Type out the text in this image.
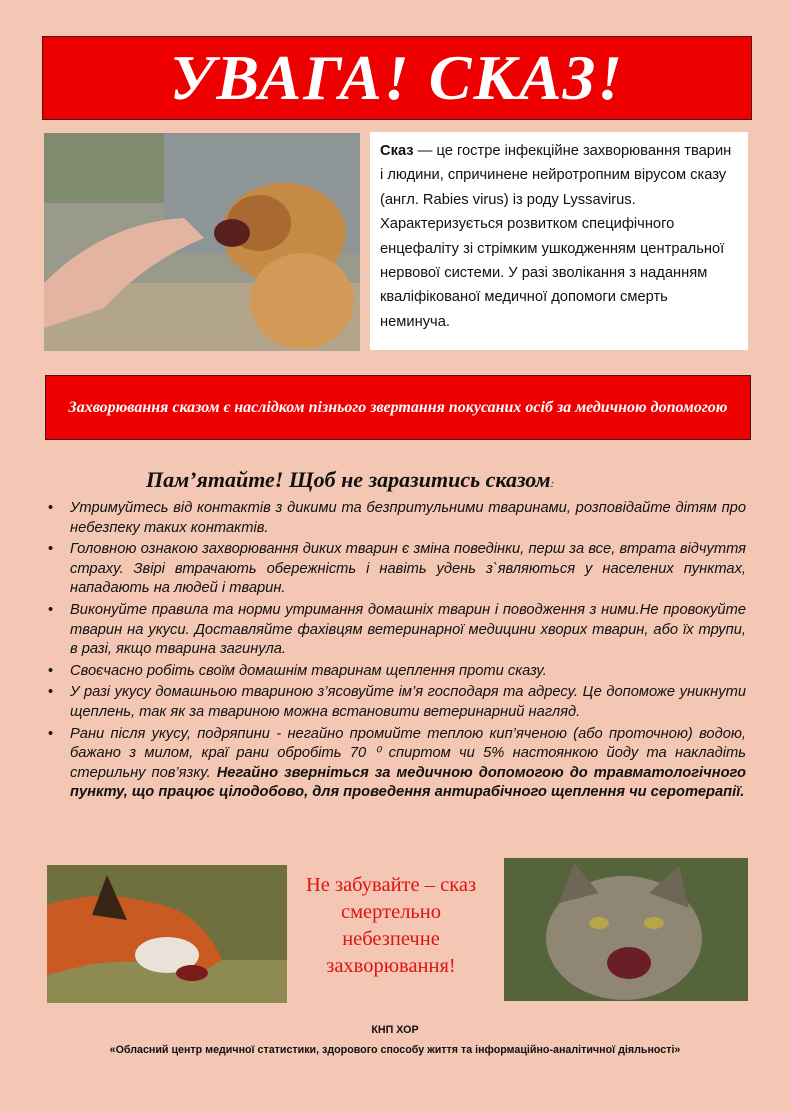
УВАГА! СКАЗ!
Сказ — це гостре інфекційне захворювання тварин і людини, спричинене нейротропним вірусом сказу (англ. Rabies virus) із роду Lyssavirus. Характеризується розвитком специфічного енцефаліту зі стрімким ушкодженням центральної нервової системи. У разі зволікання з наданням кваліфікованої медичної допомоги смерть неминуча.
Захворювання сказом є наслідком пізнього звертання покусаних осіб за медичною допомогою
Пам’ятайте! Щоб не заразитись сказом:
• Утримуйтесь від контактів з дикими та безпритульними тваринами, розповідайте дітям про небезпеку таких контактів.
• Головною ознакою захворювання диких тварин є зміна поведінки, перш за все, втрата відчуття страху. Звірі втрачають обережність і навіть удень з`являються у населених пунктах, нападають на людей і тварин.
• Виконуйте правила та норми утримання домашніх тварин і поводження з ними.Не провокуйте тварин на укуси. Доставляйте фахівцям ветеринарної медицини хворих тварин, або їх трупи, в разі, якщо тварина загинула.
• Своєчасно робіть своїм домашнім тваринам щеплення проти сказу.
• У разі укусу домашньою твариною з’ясовуйте ім’я господаря та адресу. Це допоможе уникнути щеплень, так як за твариною можна встановити ветеринарний нагляд.
• Рани після укусу, подряпини - негайно промийте теплою кип’яченою (або проточною) водою, бажано з милом, краї рани обробіть 70 ⁰ спиртом чи 5% настоянкою йоду та накладіть стерильну пов’язку. Негайно зверніться за медичною допомогою до травматологічного пункту, що працює цілодобово, для проведення антирабічного щеплення чи серотерапії.
Не забувайте – сказ
смертельно
небезпечне
захворювання!
КНП ХОР
«Обласний центр медичної статистики, здорового способу життя та інформаційно-аналітичної діяльності»
